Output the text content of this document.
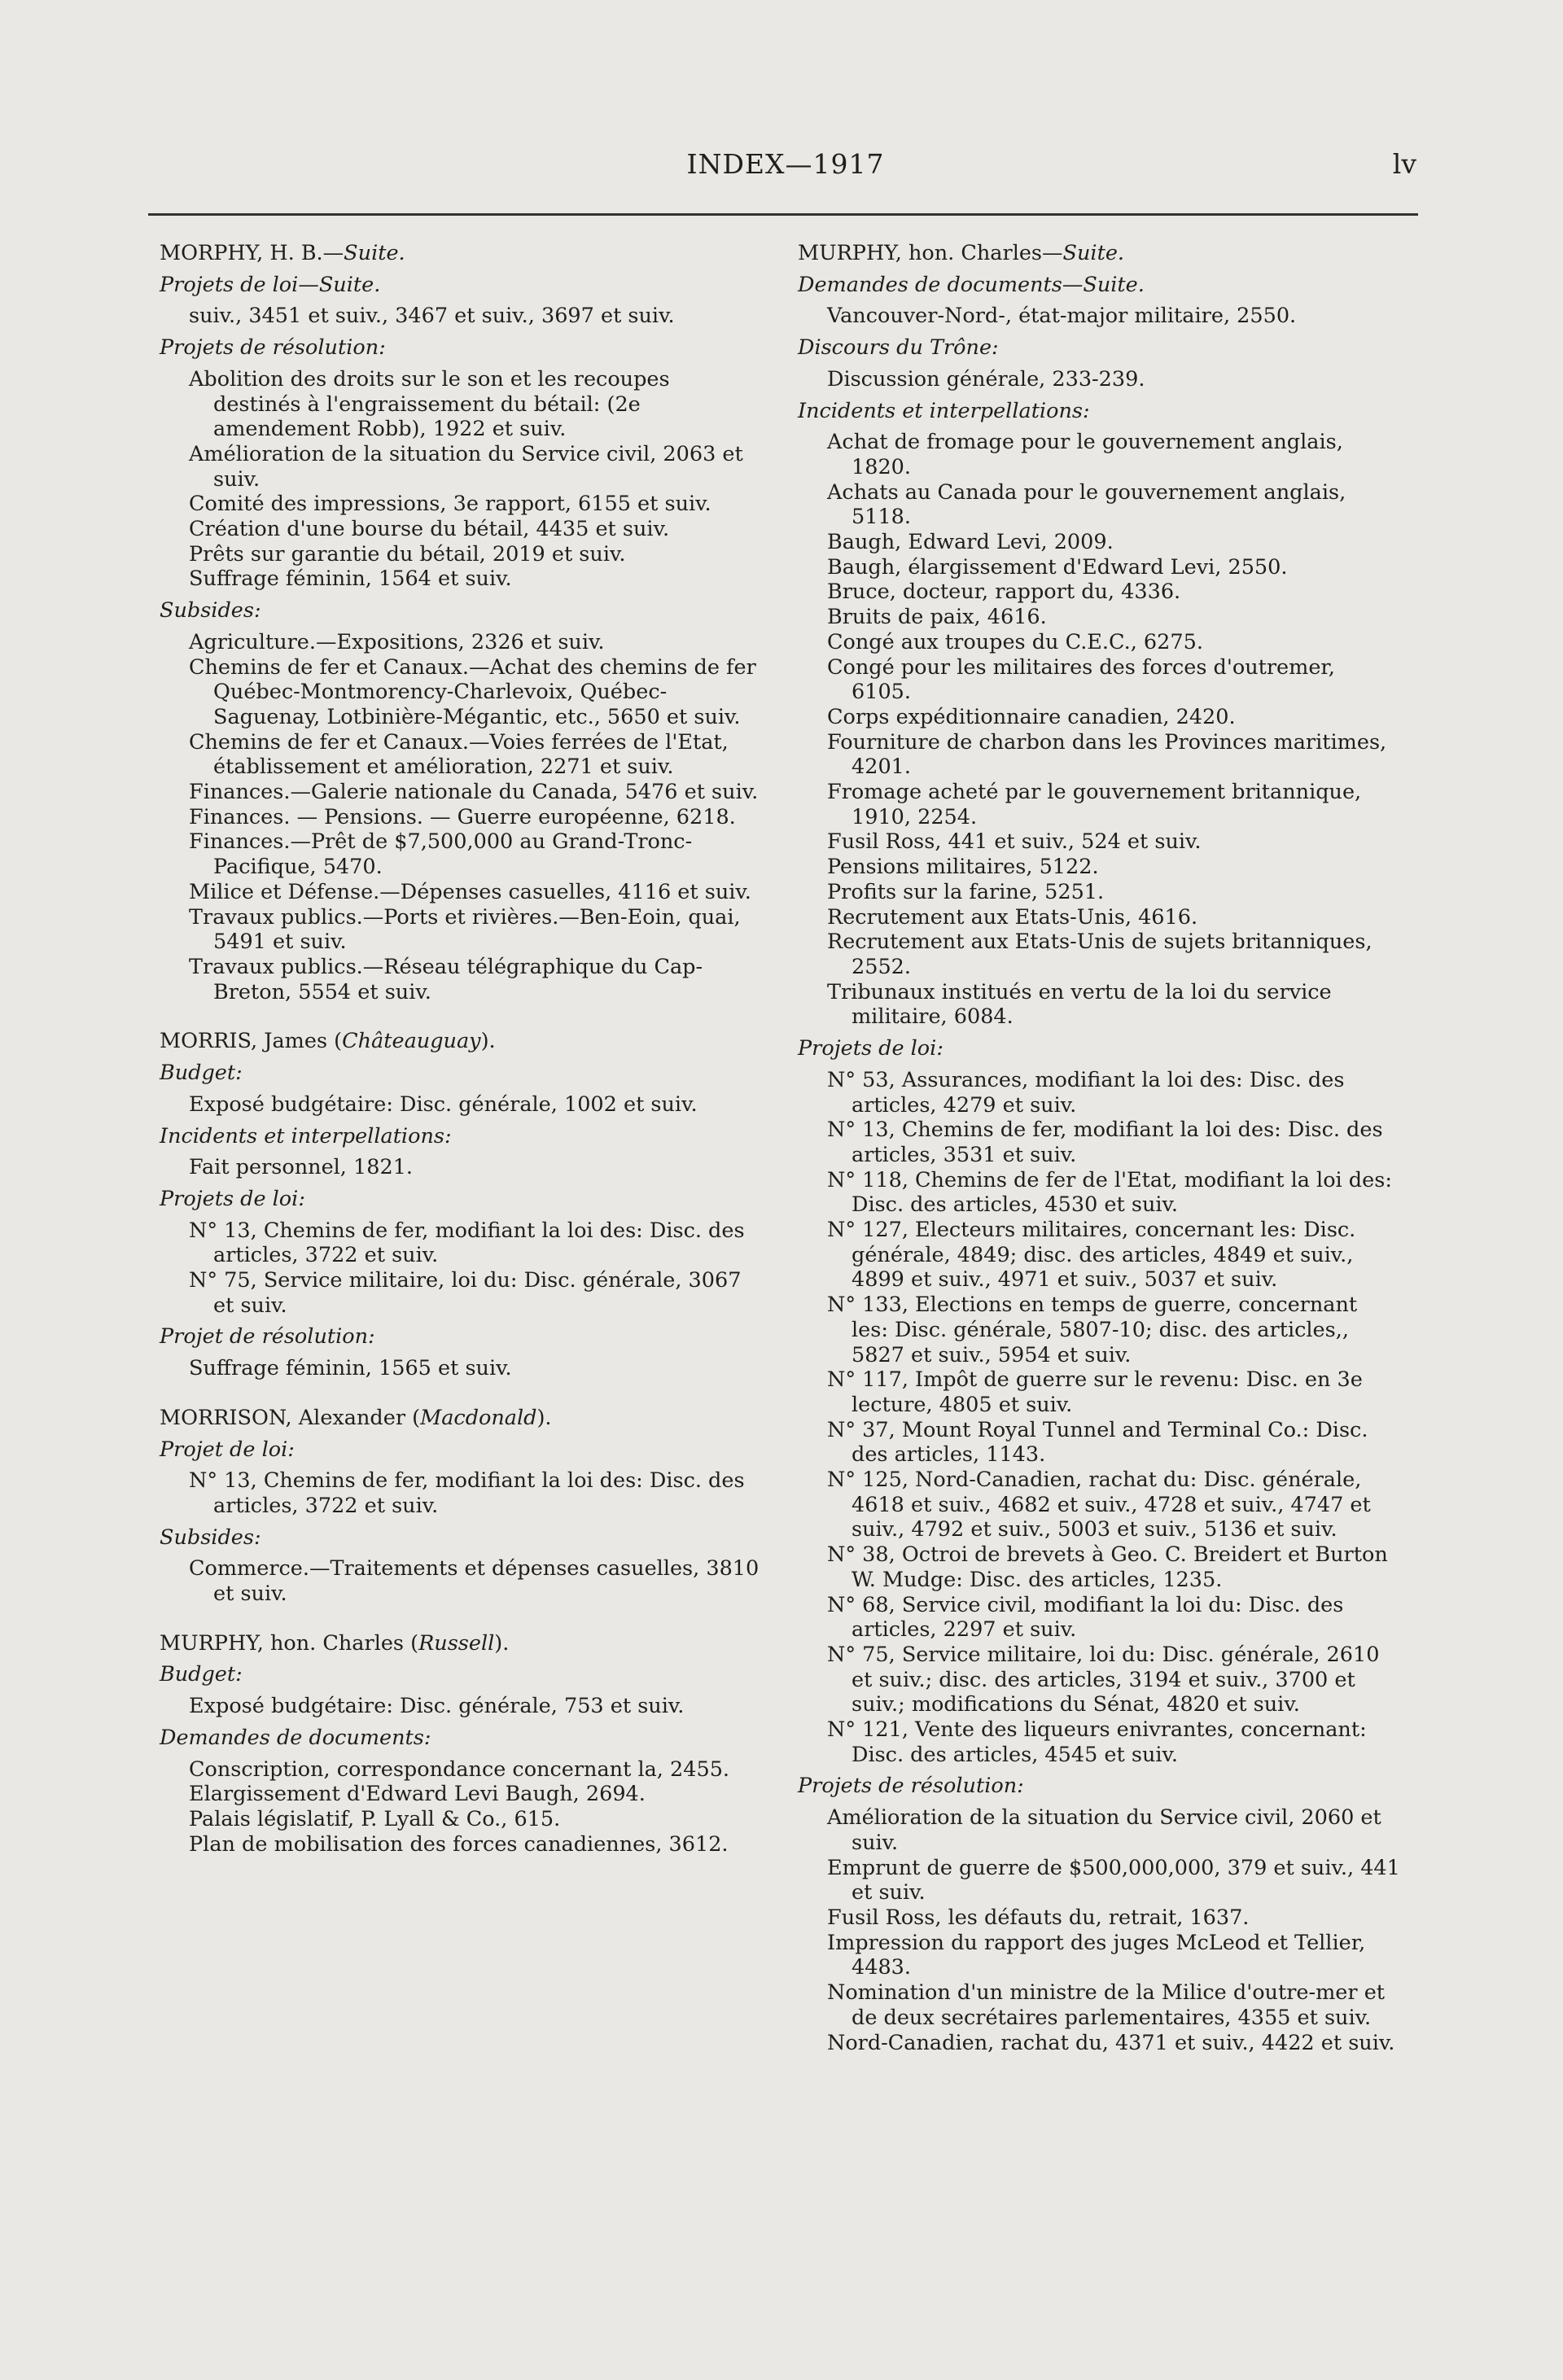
INDEX—1917	lv
MORPHY, H. B.—Suite.
Projets de loi—Suite.
suiv., 3451 et suiv., 3467 et suiv., 3697 et suiv.
Projets de résolution:
Abolition des droits sur le son et les recoupes destinés à l'engraissement du bétail: (2e amendement Robb), 1922 et suiv.
Amélioration de la situation du Service civil, 2063 et suiv.
Comité des impressions, 3e rapport, 6155 et suiv.
Création d'une bourse du bétail, 4435 et suiv.
Prêts sur garantie du bétail, 2019 et suiv.
Suffrage féminin, 1564 et suiv.
Subsides:
Agriculture.—Expositions, 2326 et suiv.
Chemins de fer et Canaux.—Achat des chemins de fer Québec-Montmorency-Charlevoix, Québec-Saguenay, Lotbinière-Mégantic, etc., 5650 et suiv.
Chemins de fer et Canaux.—Voies ferrées de l'Etat, établissement et amélioration, 2271 et suiv.
Finances.—Galerie nationale du Canada, 5476 et suiv.
Finances. — Pensions. — Guerre européenne, 6218.
Finances.—Prêt de $7,500,000 au Grand-Tronc-Pacifique, 5470.
Milice et Défense.—Dépenses casuelles, 4116 et suiv.
Travaux publics.—Ports et rivières.—Ben-Eoin, quai, 5491 et suiv.
Travaux publics.—Réseau télégraphique du Cap-Breton, 5554 et suiv.
MORRIS, James (Châteauguay).
Budget:
Exposé budgétaire: Disc. générale, 1002 et suiv.
Incidents et interpellations:
Fait personnel, 1821.
Projets de loi:
N° 13, Chemins de fer, modifiant la loi des: Disc. des articles, 3722 et suiv.
N° 75, Service militaire, loi du: Disc. générale, 3067 et suiv.
Projet de résolution:
Suffrage féminin, 1565 et suiv.
MORRISON, Alexander (Macdonald).
Projet de loi:
N° 13, Chemins de fer, modifiant la loi des: Disc. des articles, 3722 et suiv.
Subsides:
Commerce.—Traitements et dépenses casuelles, 3810 et suiv.
MURPHY, hon. Charles (Russell).
Budget:
Exposé budgétaire: Disc. générale, 753 et suiv.
Demandes de documents:
Conscription, correspondance concernant la, 2455.
Elargissement d'Edward Levi Baugh, 2694.
Palais législatif, P. Lyall & Co., 615.
Plan de mobilisation des forces canadiennes, 3612.
MURPHY, hon. Charles—Suite.
Demandes de documents—Suite.
Vancouver-Nord-, état-major militaire, 2550.
Discours du Trône:
Discussion générale, 233-239.
Incidents et interpellations:
Achat de fromage pour le gouvernement anglais, 1820.
Achats au Canada pour le gouvernement anglais, 5118.
Baugh, Edward Levi, 2009.
Baugh, élargissement d'Edward Levi, 2550.
Bruce, docteur, rapport du, 4336.
Bruits de paix, 4616.
Congé aux troupes du C.E.C., 6275.
Congé pour les militaires des forces d'outremer, 6105.
Corps expéditionnaire canadien, 2420.
Fourniture de charbon dans les Provinces maritimes, 4201.
Fromage acheté par le gouvernement britannique, 1910, 2254.
Fusil Ross, 441 et suiv., 524 et suiv.
Pensions militaires, 5122.
Profits sur la farine, 5251.
Recrutement aux Etats-Unis, 4616.
Recrutement aux Etats-Unis de sujets britanniques, 2552.
Tribunaux institués en vertu de la loi du service militaire, 6084.
Projets de loi:
N° 53, Assurances, modifiant la loi des: Disc. des articles, 4279 et suiv.
N° 13, Chemins de fer, modifiant la loi des: Disc. des articles, 3531 et suiv.
N° 118, Chemins de fer de l'Etat, modifiant la loi des: Disc. des articles, 4530 et suiv.
N° 127, Electeurs militaires, concernant les: Disc. générale, 4849; disc. des articles, 4849 et suiv., 4899 et suiv., 4971 et suiv., 5037 et suiv.
N° 133, Elections en temps de guerre, concernant les: Disc. générale, 5807-10; disc. des articles,, 5827 et suiv., 5954 et suiv.
N° 117, Impôt de guerre sur le revenu: Disc. en 3e lecture, 4805 et suiv.
N° 37, Mount Royal Tunnel and Terminal Co.: Disc. des articles, 1143.
N° 125, Nord-Canadien, rachat du: Disc. générale, 4618 et suiv., 4682 et suiv., 4728 et suiv., 4747 et suiv., 4792 et suiv., 5003 et suiv., 5136 et suiv.
N° 38, Octroi de brevets à Geo. C. Breidert et Burton W. Mudge: Disc. des articles, 1235.
N° 68, Service civil, modifiant la loi du: Disc. des articles, 2297 et suiv.
N° 75, Service militaire, loi du: Disc. générale, 2610 et suiv.; disc. des articles, 3194 et suiv., 3700 et suiv.; modifications du Sénat, 4820 et suiv.
N° 121, Vente des liqueurs enivrantes, concernant: Disc. des articles, 4545 et suiv.
Projets de résolution:
Amélioration de la situation du Service civil, 2060 et suiv.
Emprunt de guerre de $500,000,000, 379 et suiv., 441 et suiv.
Fusil Ross, les défauts du, retrait, 1637.
Impression du rapport des juges McLeod et Tellier, 4483.
Nomination d'un ministre de la Milice d'outre-mer et de deux secrétaires parlementaires, 4355 et suiv.
Nord-Canadien, rachat du, 4371 et suiv., 4422 et suiv.
